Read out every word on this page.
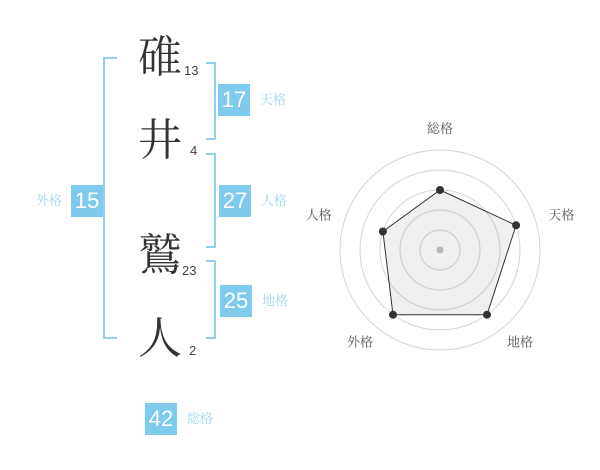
碓
井
鷲
人
13
4
23
2
17 天格
27 人格
25 地格
外格 15
42 総格
総格
天格
地格
外格
人格
